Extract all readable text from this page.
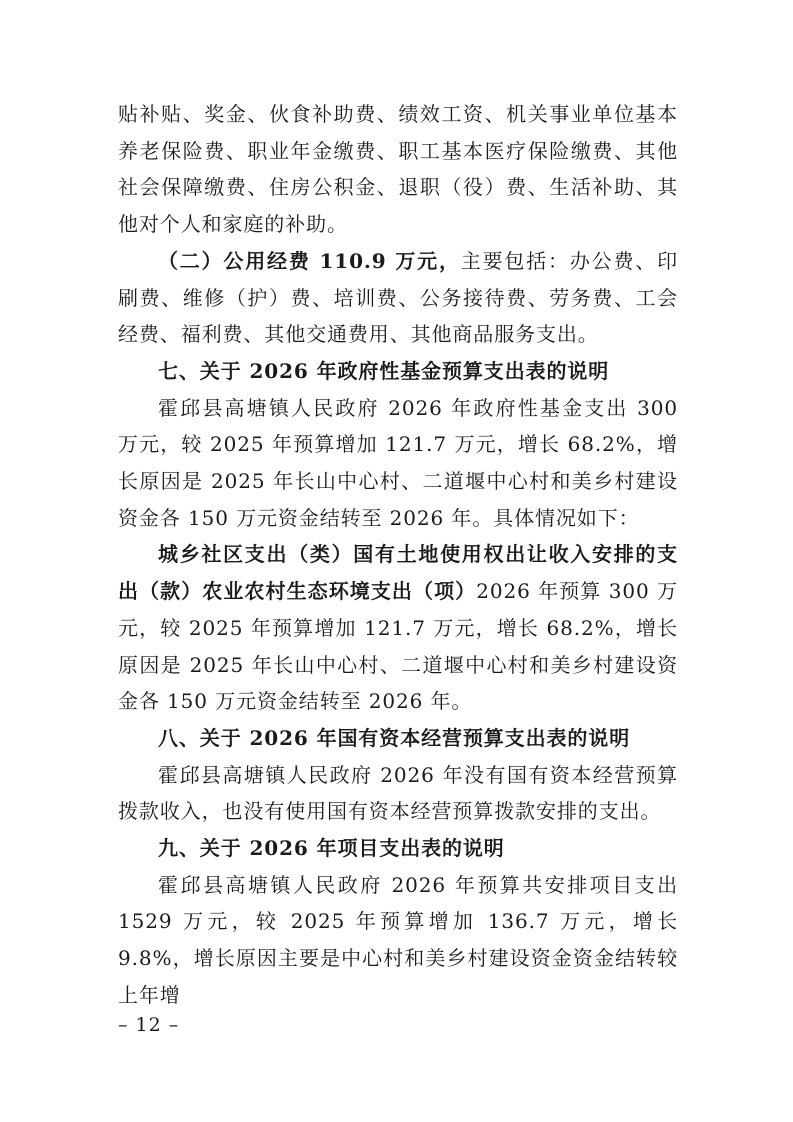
贴补贴、奖金、伙食补助费、绩效工资、机关事业单位基本养老保险费、职业年金缴费、职工基本医疗保险缴费、其他社会保障缴费、住房公积金、退职（役）费、生活补助、其他对个人和家庭的补助。

（二）公用经费 110.9 万元，主要包括：办公费、印刷费、维修（护）费、培训费、公务接待费、劳务费、工会经费、福利费、其他交通费用、其他商品服务支出。

七、关于 2026 年政府性基金预算支出表的说明

霍邱县高塘镇人民政府 2026 年政府性基金支出 300 万元，较 2025 年预算增加 121.7 万元，增长 68.2%，增长原因是 2025 年长山中心村、二道堰中心村和美乡村建设资金各 150 万元资金结转至 2026 年。具体情况如下：

城乡社区支出（类）国有土地使用权出让收入安排的支出（款）农业农村生态环境支出（项）2026 年预算 300 万元，较 2025 年预算增加 121.7 万元，增长 68.2%，增长原因是 2025 年长山中心村、二道堰中心村和美乡村建设资金各 150 万元资金结转至 2026 年。

八、关于 2026 年国有资本经营预算支出表的说明

霍邱县高塘镇人民政府 2026 年没有国有资本经营预算拨款收入，也没有使用国有资本经营预算拨款安排的支出。

九、关于 2026 年项目支出表的说明

霍邱县高塘镇人民政府 2026 年预算共安排项目支出 1529 万元，较 2025 年预算增加 136.7 万元，增长 9.8%，增长原因主要是中心村和美乡村建设资金资金结转较上年增

– 12 –
